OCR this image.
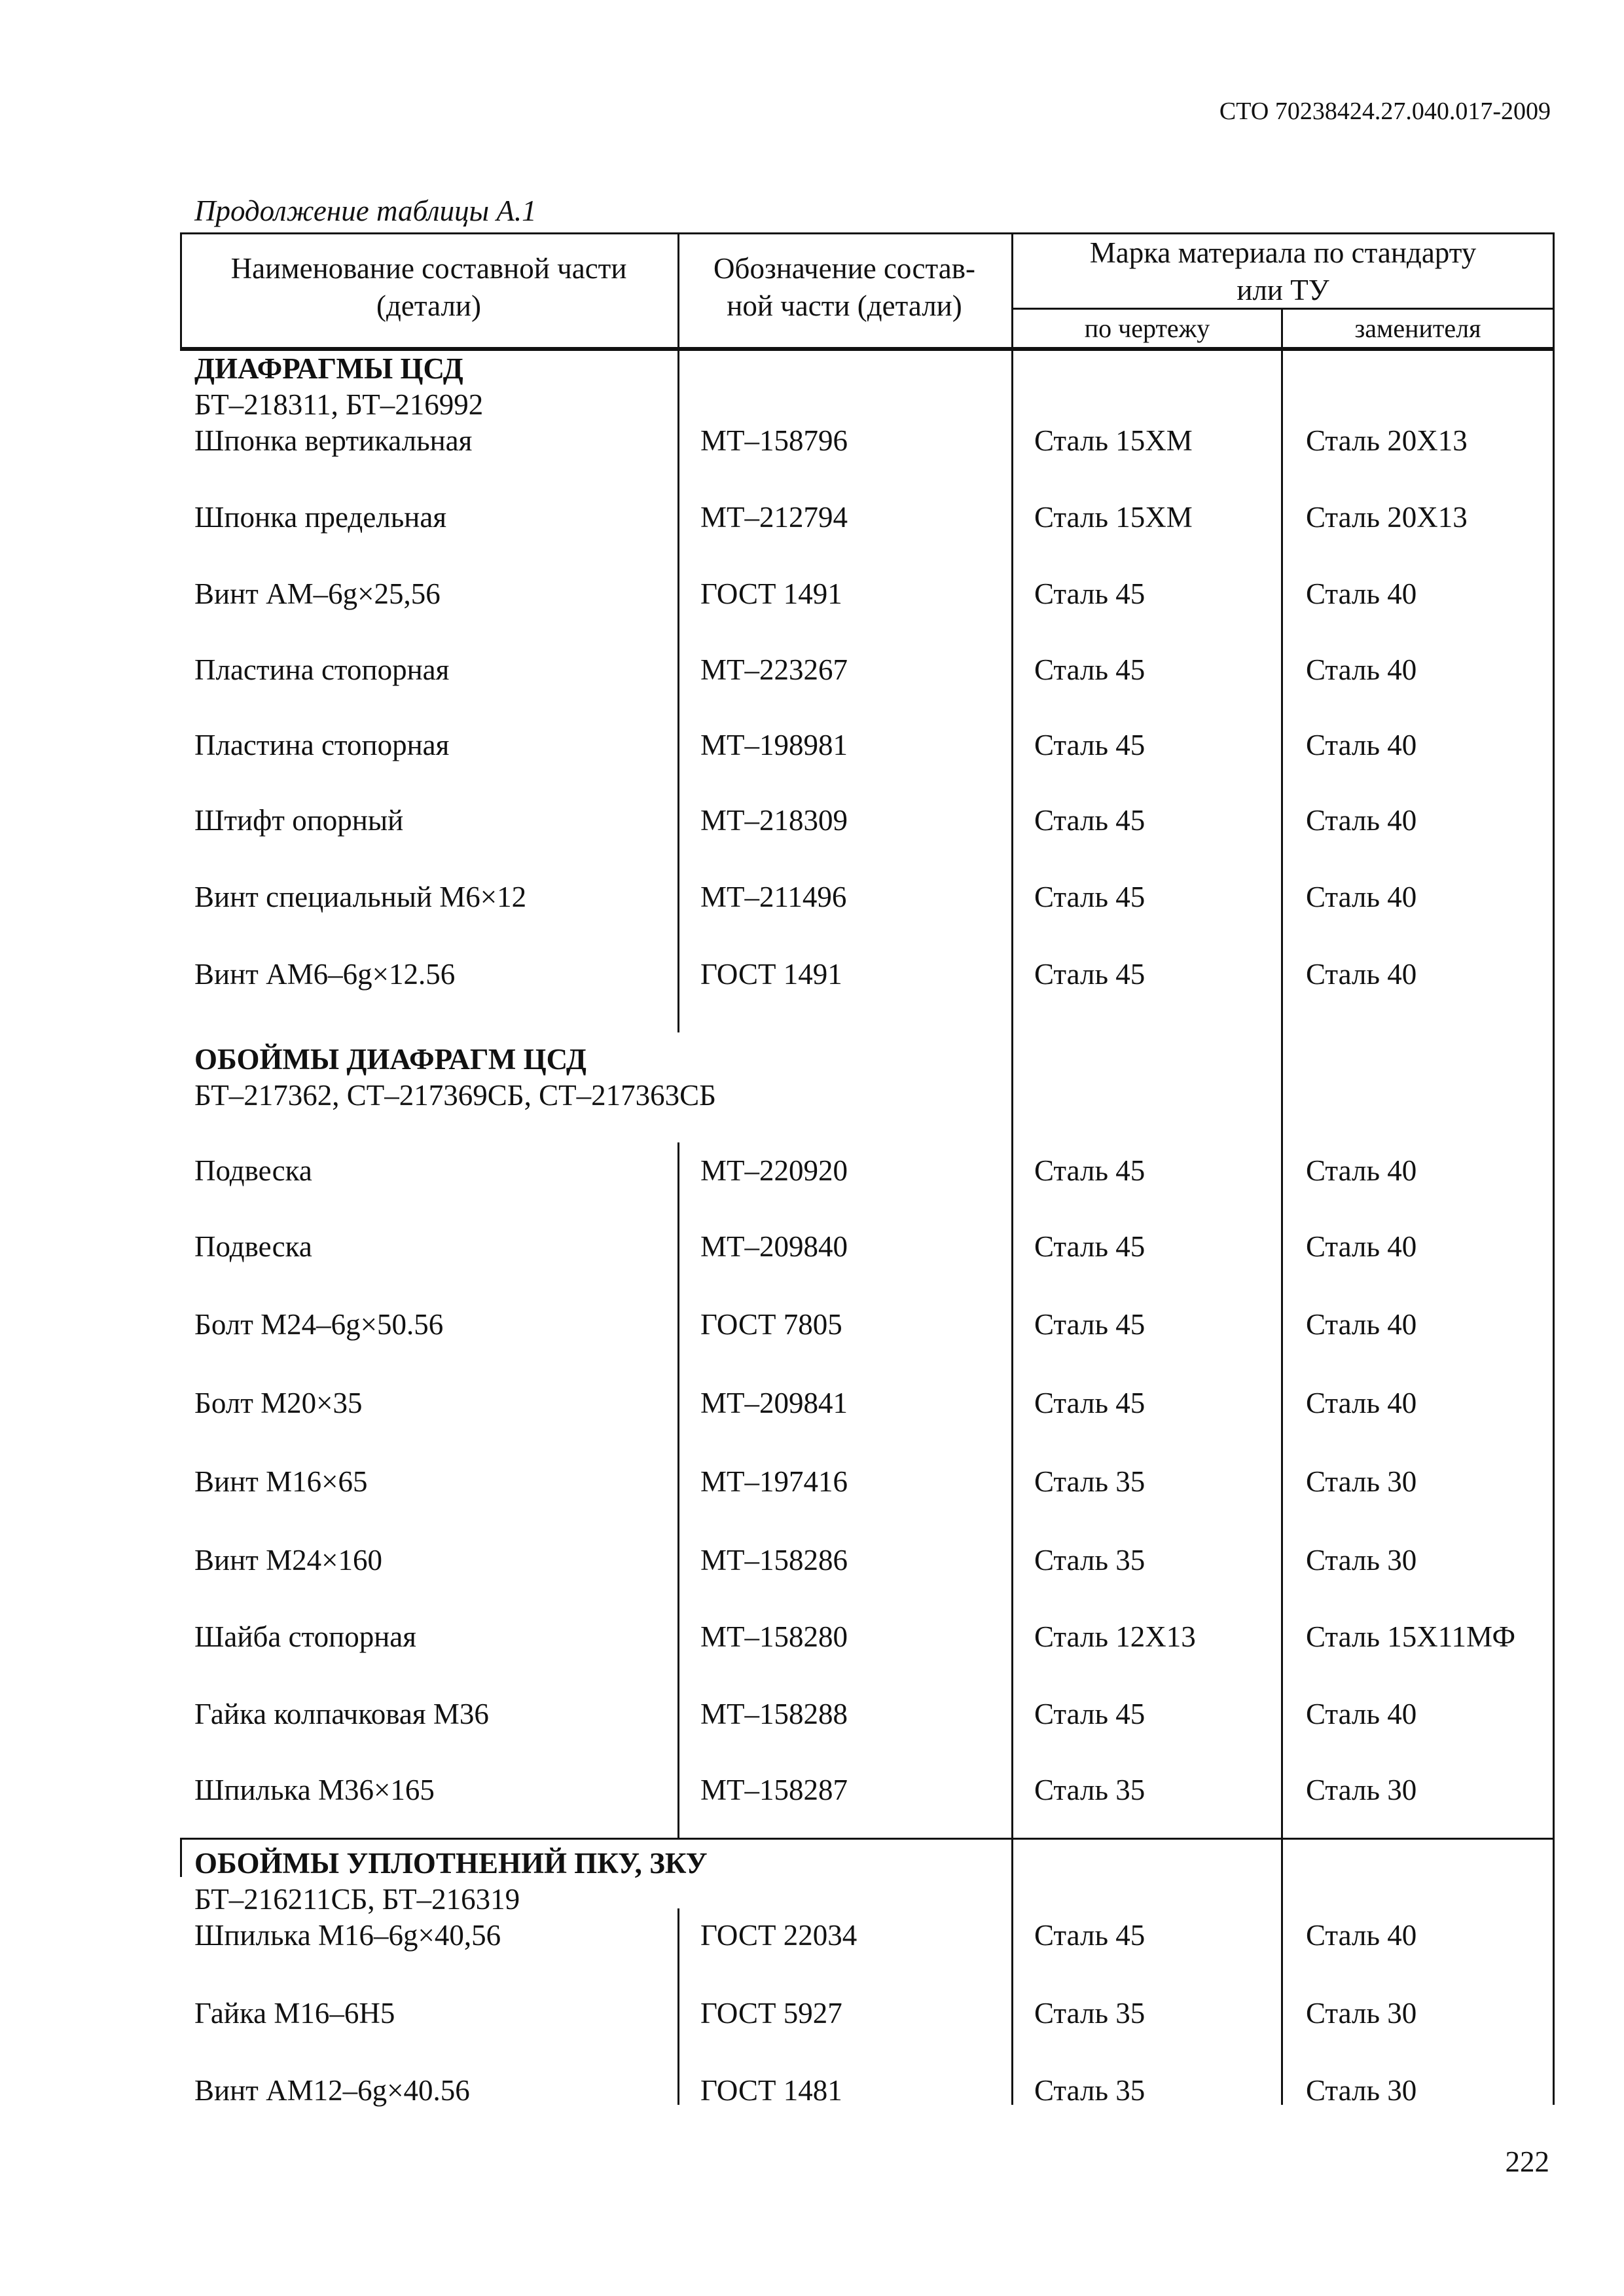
СТО 70238424.27.040.017-2009
Продолжение таблицы А.1
Наименование составной части (детали)
Обозначение состав-ной части (детали)
Марка материала по стандарту или ТУ
по чертежу	заменителя
ДИАФРАГМЫ ЦСД
БТ–218311, БТ–216992
Шпонка вертикальная	МТ–158796	Сталь 15ХМ	Сталь 20Х13
Шпонка предельная	МТ–212794	Сталь 15ХМ	Сталь 20Х13
Винт АМ–6g×25,56	ГОСТ 1491	Сталь 45	Сталь 40
Пластина стопорная	МТ–223267	Сталь 45	Сталь 40
Пластина стопорная	МТ–198981	Сталь 45	Сталь 40
Штифт опорный	МТ–218309	Сталь 45	Сталь 40
Винт специальный М6×12	МТ–211496	Сталь 45	Сталь 40
Винт АМ6–6g×12.56	ГОСТ 1491	Сталь 45	Сталь 40
ОБОЙМЫ ДИАФРАГМ ЦСД
БТ–217362, СТ–217369СБ, СТ–217363СБ
Подвеска	МТ–220920	Сталь 45	Сталь 40
Подвеска	МТ–209840	Сталь 45	Сталь 40
Болт М24–6g×50.56	ГОСТ 7805	Сталь 45	Сталь 40
Болт М20×35	МТ–209841	Сталь 45	Сталь 40
Винт М16×65	МТ–197416	Сталь 35	Сталь 30
Винт М24×160	МТ–158286	Сталь 35	Сталь 30
Шайба стопорная	МТ–158280	Сталь 12Х13	Сталь 15Х11МФ
Гайка колпачковая М36	МТ–158288	Сталь 45	Сталь 40
Шпилька М36×165	МТ–158287	Сталь 35	Сталь 30
ОБОЙМЫ УПЛОТНЕНИЙ ПКУ, ЗКУ
БТ–216211СБ, БТ–216319
Шпилька М16–6g×40,56	ГОСТ 22034	Сталь 45	Сталь 40
Гайка М16–6Н5	ГОСТ 5927	Сталь 35	Сталь 30
Винт АМ12–6g×40.56	ГОСТ 1481	Сталь 35	Сталь 30
222
